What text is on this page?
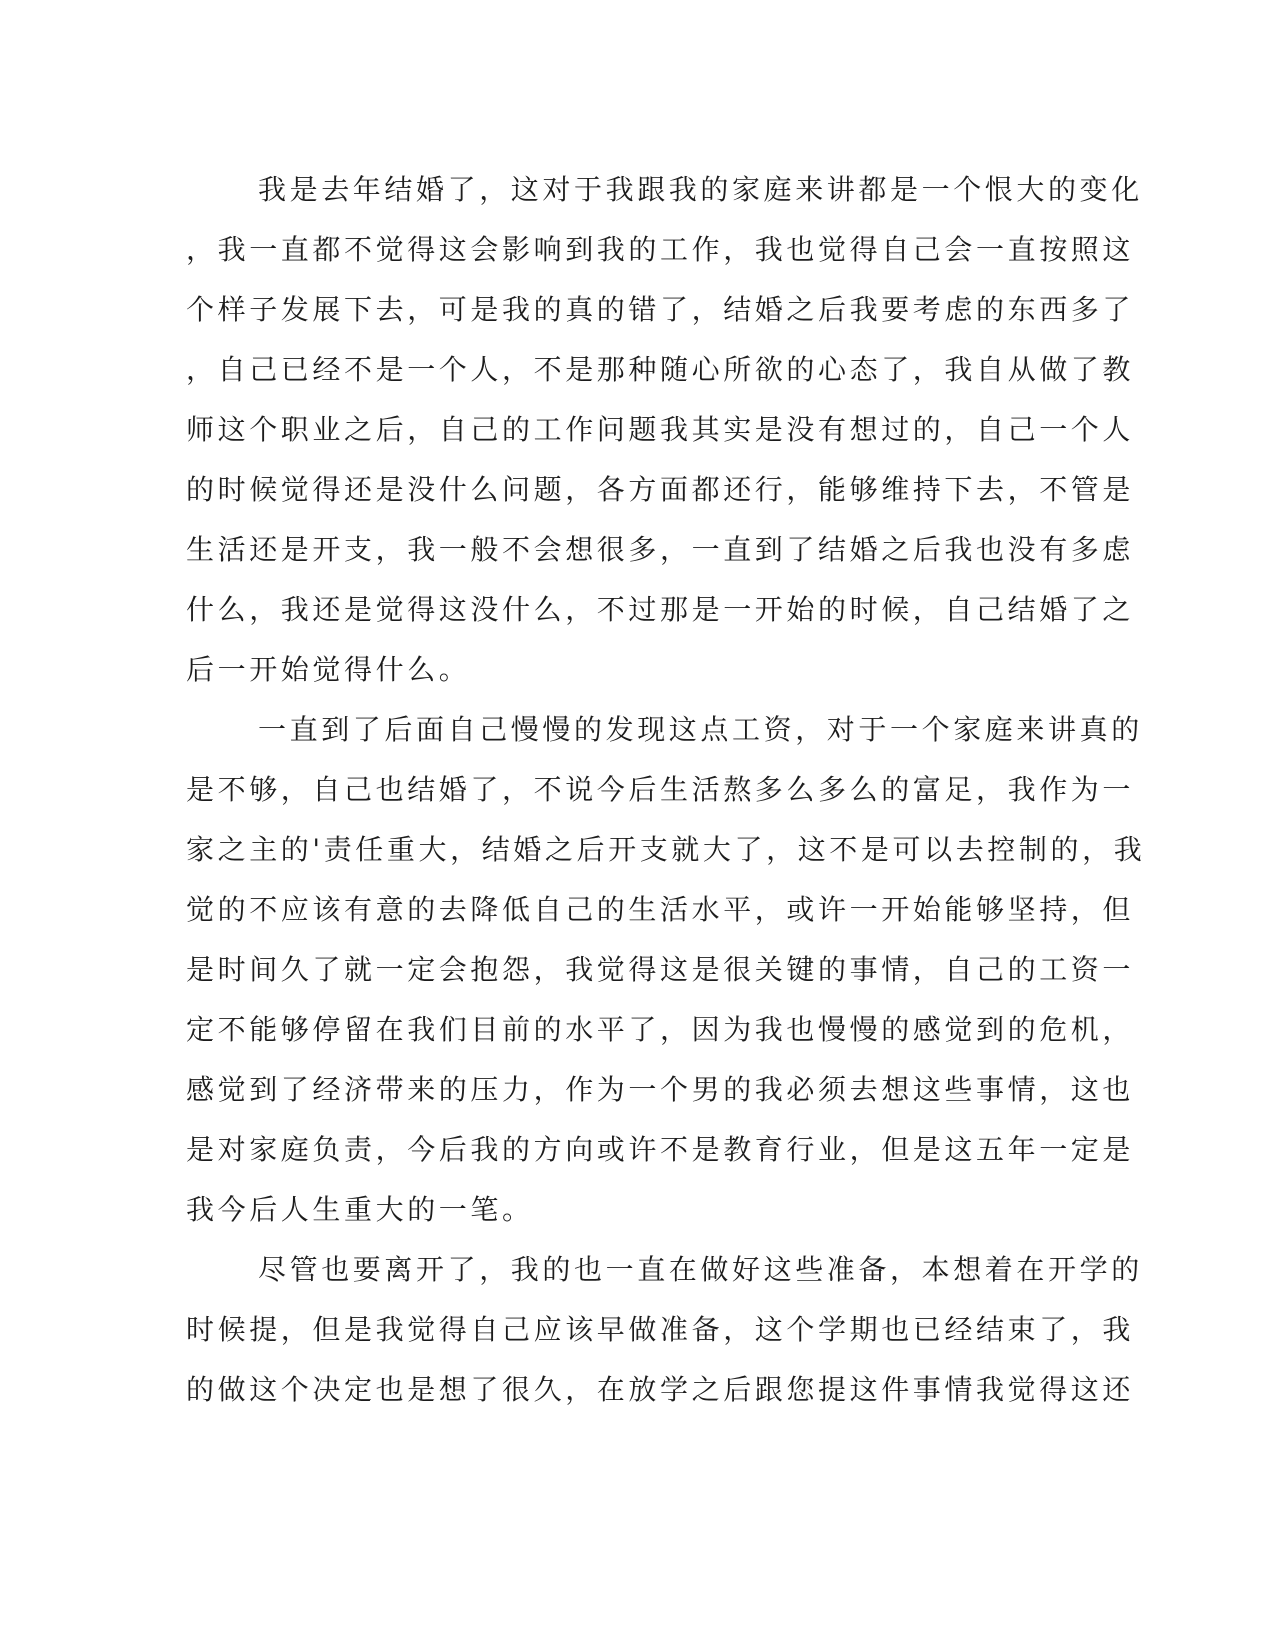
我是去年结婚了，这对于我跟我的家庭来讲都是一个恨大的变化
，我一直都不觉得这会影响到我的工作，我也觉得自己会一直按照这
个样子发展下去，可是我的真的错了，结婚之后我要考虑的东西多了
，自己已经不是一个人，不是那种随心所欲的心态了，我自从做了教
师这个职业之后，自己的工作问题我其实是没有想过的，自己一个人
的时候觉得还是没什么问题，各方面都还行，能够维持下去，不管是
生活还是开支，我一般不会想很多，一直到了结婚之后我也没有多虑
什么，我还是觉得这没什么，不过那是一开始的时候，自己结婚了之
后一开始觉得什么。
一直到了后面自己慢慢的发现这点工资，对于一个家庭来讲真的
是不够，自己也结婚了，不说今后生活熬多么多么的富足，我作为一
家之主的'责任重大，结婚之后开支就大了，这不是可以去控制的，我
觉的不应该有意的去降低自己的生活水平，或许一开始能够坚持，但
是时间久了就一定会抱怨，我觉得这是很关键的事情，自己的工资一
定不能够停留在我们目前的水平了，因为我也慢慢的感觉到的危机，
感觉到了经济带来的压力，作为一个男的我必须去想这些事情，这也
是对家庭负责，今后我的方向或许不是教育行业，但是这五年一定是
我今后人生重大的一笔。
尽管也要离开了，我的也一直在做好这些准备，本想着在开学的
时候提，但是我觉得自己应该早做准备，这个学期也已经结束了，我
的做这个决定也是想了很久，在放学之后跟您提这件事情我觉得这还
